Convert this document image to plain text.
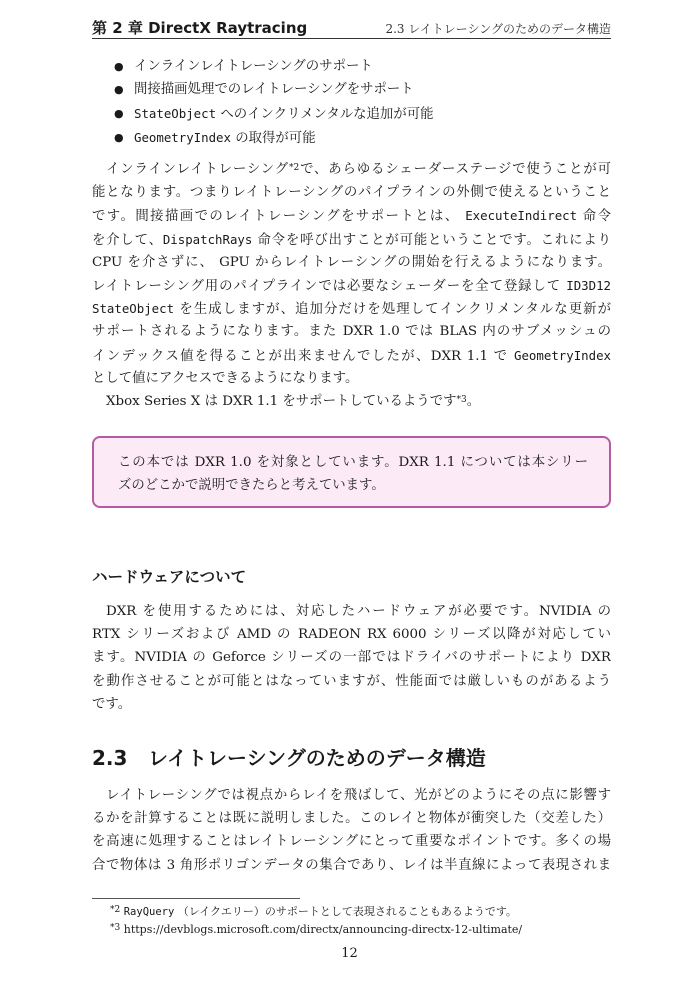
第 2 章 DirectX Raytracing	2.3 レイトレーシングのためのデータ構造
● インラインレイトレーシングのサポート
● 間接描画処理でのレイトレーシングをサポート
● StateObject へのインクリメンタルな追加が可能
● GeometryIndex の取得が可能
インラインレイトレーシング$^{*2}$で、あらゆるシェーダーステージで使うことが可
能となります。つまりレイトレーシングのパイプラインの外側で使えるということ
です。間接描画でのレイトレーシングをサポートとは、 ExecuteIndirect 命令
を介して、DispatchRays 命令を呼び出すことが可能ということです。これにより
CPU を介さずに、 GPU からレイトレーシングの開始を行えるようになります。
レイトレーシング用のパイプラインでは必要なシェーダーを全て登録して ID3D12
StateObject を生成しますが、追加分だけを処理してインクリメンタルな更新が
サポートされるようになります。また DXR 1.0 では BLAS 内のサブメッシュの
インデックス値を得ることが出来ませんでしたが、DXR 1.1 で GeometryIndex
として値にアクセスできるようになります。
Xbox Series X は DXR 1.1 をサポートしているようです$^{*3}$。
この本では DXR 1.0 を対象としています。DXR 1.1 については本シリー
ズのどこかで説明できたらと考えています。
ハードウェアについて
DXR を使用するためには、対応したハードウェアが必要です。NVIDIA の
RTX シリーズおよび AMD の RADEON RX 6000 シリーズ以降が対応してい
ます。NVIDIA の Geforce シリーズの一部ではドライバのサポートにより DXR
を動作させることが可能とはなっていますが、性能面では厳しいものがあるよう
です。
2.3 レイトレーシングのためのデータ構造
レイトレーシングでは視点からレイを飛ばして、光がどのようにその点に影響す
るかを計算することは既に説明しました。このレイと物体が衝突した（交差した）
を高速に処理することはレイトレーシングにとって重要なポイントです。多くの場
合で物体は 3 角形ポリゴンデータの集合であり、レイは半直線によって表現されま
$^{*2}$ RayQuery （レイクエリー）のサポートとして表現されることもあるようです。
$^{*3}$ https://devblogs.microsoft.com/directx/announcing-directx-12-ultimate/
12
